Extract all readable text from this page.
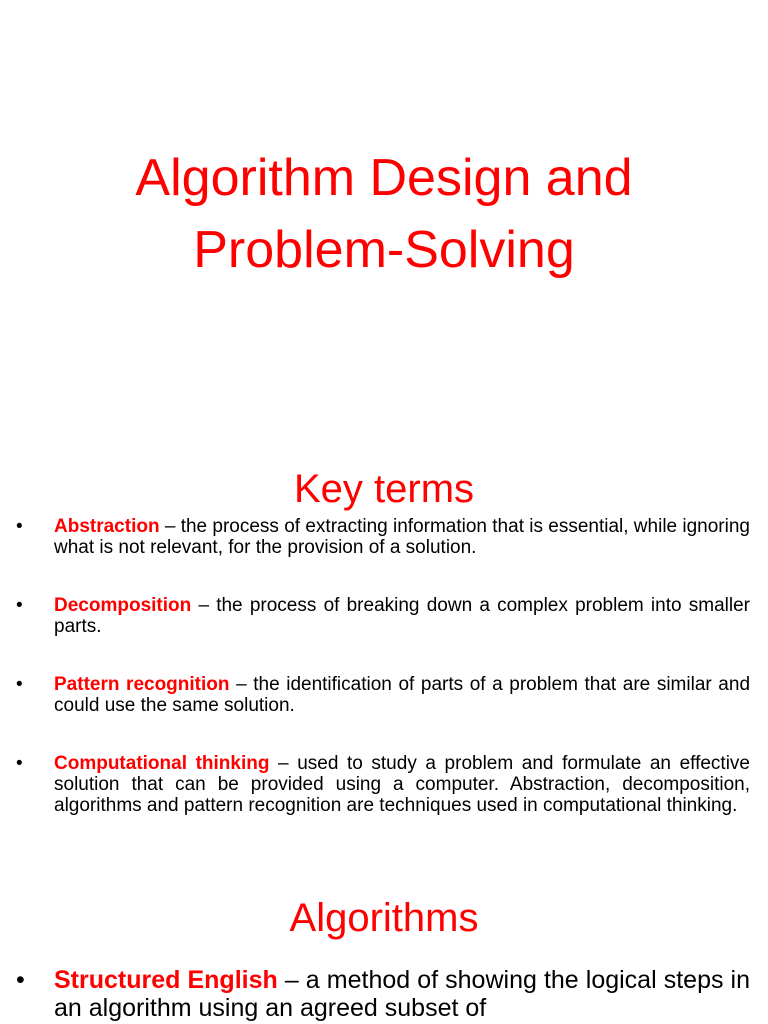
Algorithm Design and
Problem-Solving
Key terms
• Abstraction – the process of extracting information that is essential, while ignoring what is not relevant, for the provision of a solution.
• Decomposition – the process of breaking down a complex problem into smaller parts.
• Pattern recognition – the identification of parts of a problem that are similar and could use the same solution.
• Computational thinking – used to study a problem and formulate an effective solution that can be provided using a computer. Abstraction, decomposition, algorithms and pattern recognition are techniques used in computational thinking.
Algorithms
• Structured English – a method of showing the logical steps in an algorithm using an agreed subset of
